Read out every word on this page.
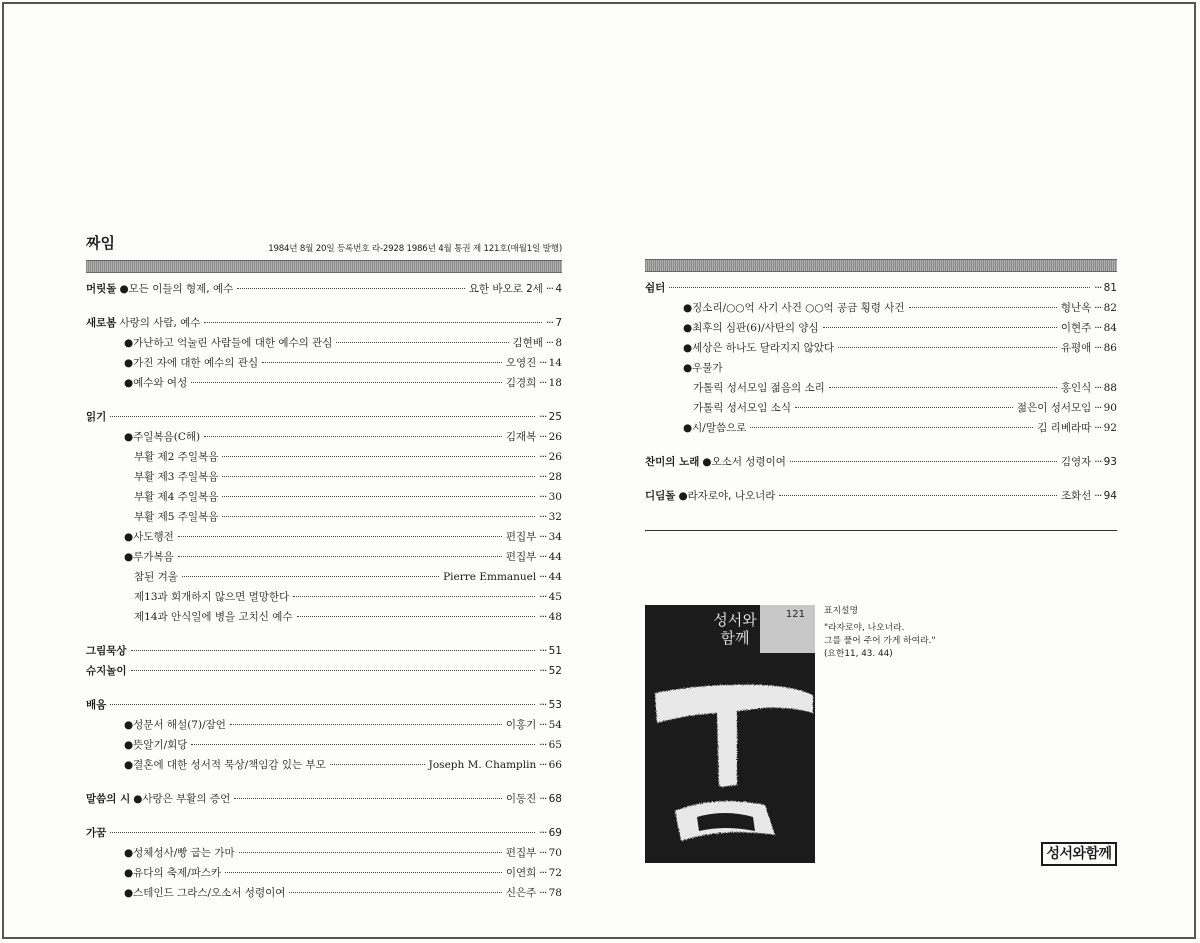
짜임	1984년 8월 20일 등록번호 라-2928 1986년 4월 통권 제 121호(매월1일 발행)
머릿돌 ●모든 이들의 형제, 예수	요한 바오로 2세	··· 4
새로봄 사랑의 사람, 예수	··· 7
●가난하고 억눌린 사람들에 대한 예수의 관심	김현배	··· 8
●가진 자에 대한 예수의 관심	오영진	··· 14
●예수와 여성	김경희	··· 18
읽기	··· 25
●주일복음(C해)	김재복	··· 26
부활 제2 주일복음	··· 26
부활 제3 주일복음	··· 28
부활 제4 주일복음	··· 30
부활 제5 주일복음	··· 32
●사도행전	편집부	··· 34
●루가복음	편집부	··· 44
참된 겨울	Pierre Emmanuel	··· 44
제13과 회개하지 않으면 멸망한다	··· 45
제14과 안식일에 병을 고치신 예수	··· 48
그림묵상	··· 51
슈지놀이	··· 52
배움	··· 53
●성문서 해설(7)/잠언	이홍기	··· 54
●뜻알기/회당	··· 65
●결혼에 대한 성서적 묵상/책임감 있는 부모	Joseph M. Champlin	··· 66
말씀의 시 ●사랑은 부활의 증언	이동진	··· 68
가꿈	··· 69
●성체성사/빵 굽는 가마	편집부	··· 70
●유다의 축제/파스카	이연희	··· 72
●스테인드 그라스/오소서 성령이여	신은주	··· 78
쉼터	··· 81
●징소리/○○억 사기 사건 ○○억 공금 횡령 사건	형난옥	··· 82
●최후의 심판(6)/사탄의 양심	이현주	··· 84
●세상은 하나도 달라지지 않았다	유평애	··· 86
●우물가
가톨릭 성서모임 젊음의 소리	홍인식	··· 88
가톨릭 성서모임 소식	젊은이 성서모임	··· 90
●시/말씀으로	김 리베라따	··· 92
찬미의 노래 ●오소서 성령이여	김영자	··· 93
디딤돌 ●라자로야, 나오너라	조화선	··· 94
121
성서와
함께
표지설명
"라자로야, 나오너라.
그를 풀어 주어 가게 하여라."
(요한11, 43. 44)
성서와함께
